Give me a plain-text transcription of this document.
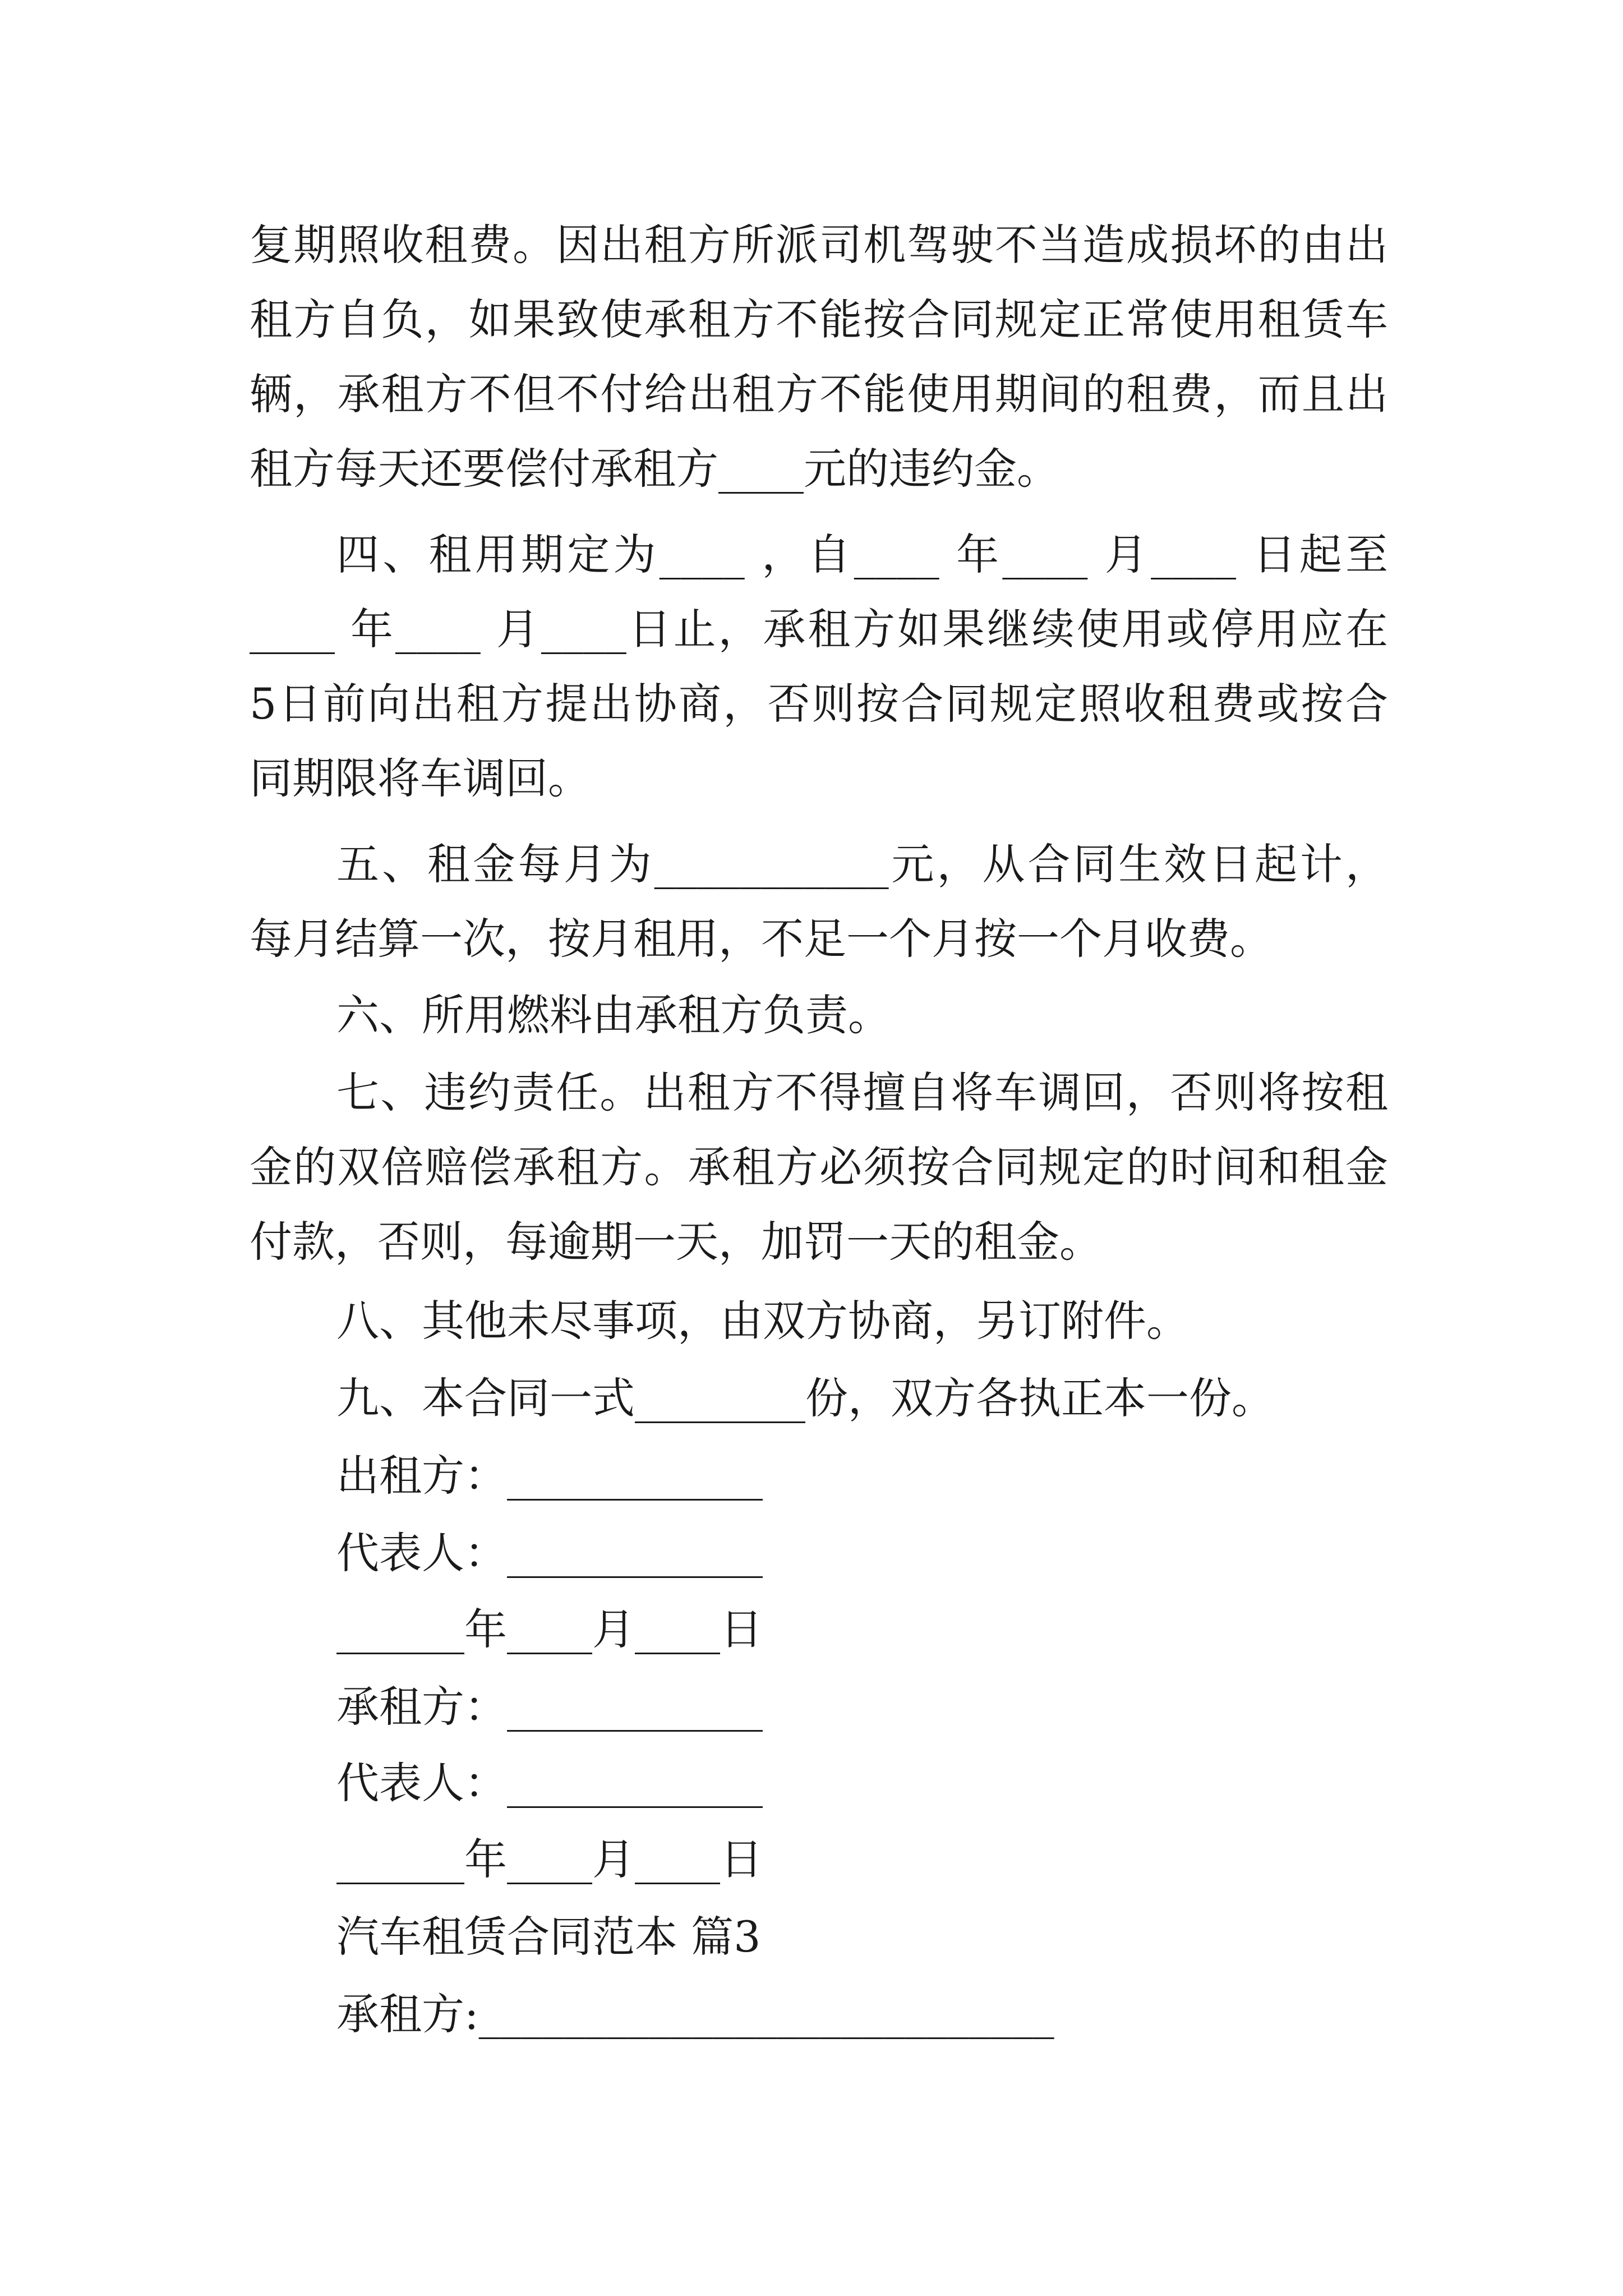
复期照收租费。因出租方所派司机驾驶不当造成损坏的由出
租方自负，如果致使承租方不能按合同规定正常使用租赁车
辆，承租方不但不付给出租方不能使用期间的租费，而且出
租方每天还要偿付承租方____元的违约金。
四、租用期定为____ ，自____ 年____ 月____ 日起至
____ 年____ 月____日止，承租方如果继续使用或停用应在
5日前向出租方提出协商，否则按合同规定照收租费或按合
同期限将车调回。
五、租金每月为___________元，从合同生效日起计，
每月结算一次，按月租用，不足一个月按一个月收费。
六、所用燃料由承租方负责。
七、违约责任。出租方不得擅自将车调回，否则将按租
金的双倍赔偿承租方。承租方必须按合同规定的时间和租金
付款，否则，每逾期一天，加罚一天的租金。
八、其他未尽事项，由双方协商，另订附件。
九、本合同一式________份，双方各执正本一份。
出租方：____________
代表人：____________
______年____月____日
承租方：____________
代表人：____________
______年____月____日
汽车租赁合同范本 篇3
承租方:___________________________
